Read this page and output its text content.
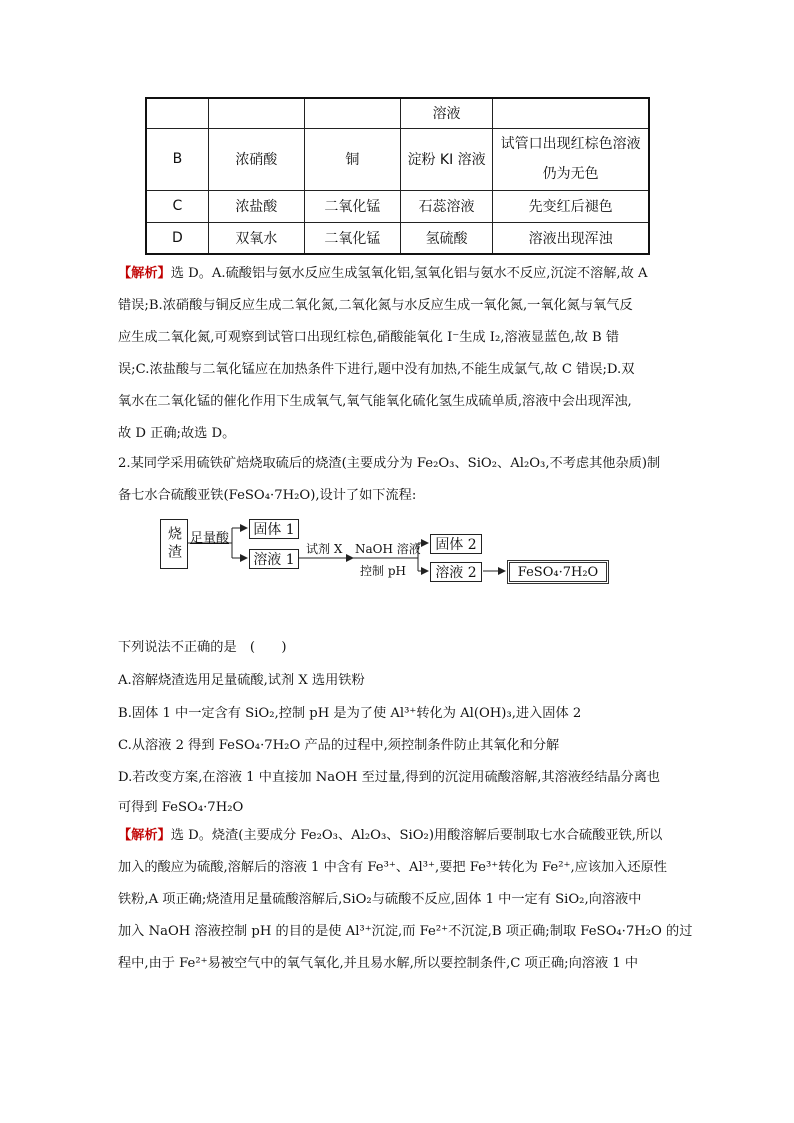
			溶液	
B	浓硝酸	铜	淀粉 KI 溶液	试管口出现红棕色溶液
仍为无色

C	浓盐酸	二氧化锰	石蕊溶液	先变红后褪色
D	双氧水	二氧化锰	氢硫酸	溶液出现浑浊
【解析】选 D。A.硫酸铝与氨水反应生成氢氧化铝,氢氧化铝与氨水不反应,沉淀不溶解,故 A
错误;B.浓硝酸与铜反应生成二氧化氮,二氧化氮与水反应生成一氧化氮,一氧化氮与氧气反
应生成二氧化氮,可观察到试管口出现红棕色,硝酸能氧化 I⁻生成 I₂,溶液显蓝色,故 B 错
误;C.浓盐酸与二氧化锰应在加热条件下进行,题中没有加热,不能生成氯气,故 C 错误;D.双
氧水在二氧化锰的催化作用下生成氧气,氧气能氧化硫化氢生成硫单质,溶液中会出现浑浊,
故 D 正确;故选 D。
2.某同学采用硫铁矿焙烧取硫后的烧渣(主要成分为 Fe₂O₃、SiO₂、Al₂O₃,不考虑其他杂质)制
备七水合硫酸亚铁(FeSO₄·7H₂O),设计了如下流程:
烧渣 足量酸
固体 1
溶液 1
试剂 X NaOH 溶液
控制 pH
固体 2
溶液 2	FeSO₄·7H₂O
下列说法不正确的是　(　　)
A.溶解烧渣选用足量硫酸,试剂 X 选用铁粉
B.固体 1 中一定含有 SiO₂,控制 pH 是为了使 Al³⁺转化为 Al(OH)₃,进入固体 2
C.从溶液 2 得到 FeSO₄·7H₂O 产品的过程中,须控制条件防止其氧化和分解
D.若改变方案,在溶液 1 中直接加 NaOH 至过量,得到的沉淀用硫酸溶解,其溶液经结晶分离也
可得到 FeSO₄·7H₂O
【解析】选 D。烧渣(主要成分 Fe₂O₃、Al₂O₃、SiO₂)用酸溶解后要制取七水合硫酸亚铁,所以
加入的酸应为硫酸,溶解后的溶液 1 中含有 Fe³⁺、Al³⁺,要把 Fe³⁺转化为 Fe²⁺,应该加入还原性
铁粉,A 项正确;烧渣用足量硫酸溶解后,SiO₂与硫酸不反应,固体 1 中一定有 SiO₂,向溶液中
加入 NaOH 溶液控制 pH 的目的是使 Al³⁺沉淀,而 Fe²⁺不沉淀,B 项正确;制取 FeSO₄·7H₂O 的过
程中,由于 Fe²⁺易被空气中的氧气氧化,并且易水解,所以要控制条件,C 项正确;向溶液 1 中
